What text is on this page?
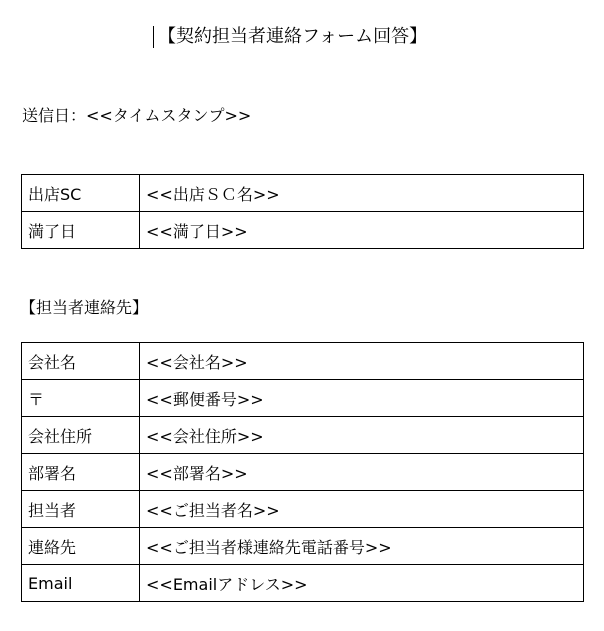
【契約担当者連絡フォーム回答】
送信日：<<タイムスタンプ>>
出店SC	<<出店ＳＣ名>>
満了日	<<満了日>>
【担当者連絡先】
会社名	<<会社名>>
〒	<<郵便番号>>
会社住所	<<会社住所>>
部署名	<<部署名>>
担当者	<<ご担当者名>>
連絡先	<<ご担当者様連絡先電話番号>>
Email	<<Emailアドレス>>
